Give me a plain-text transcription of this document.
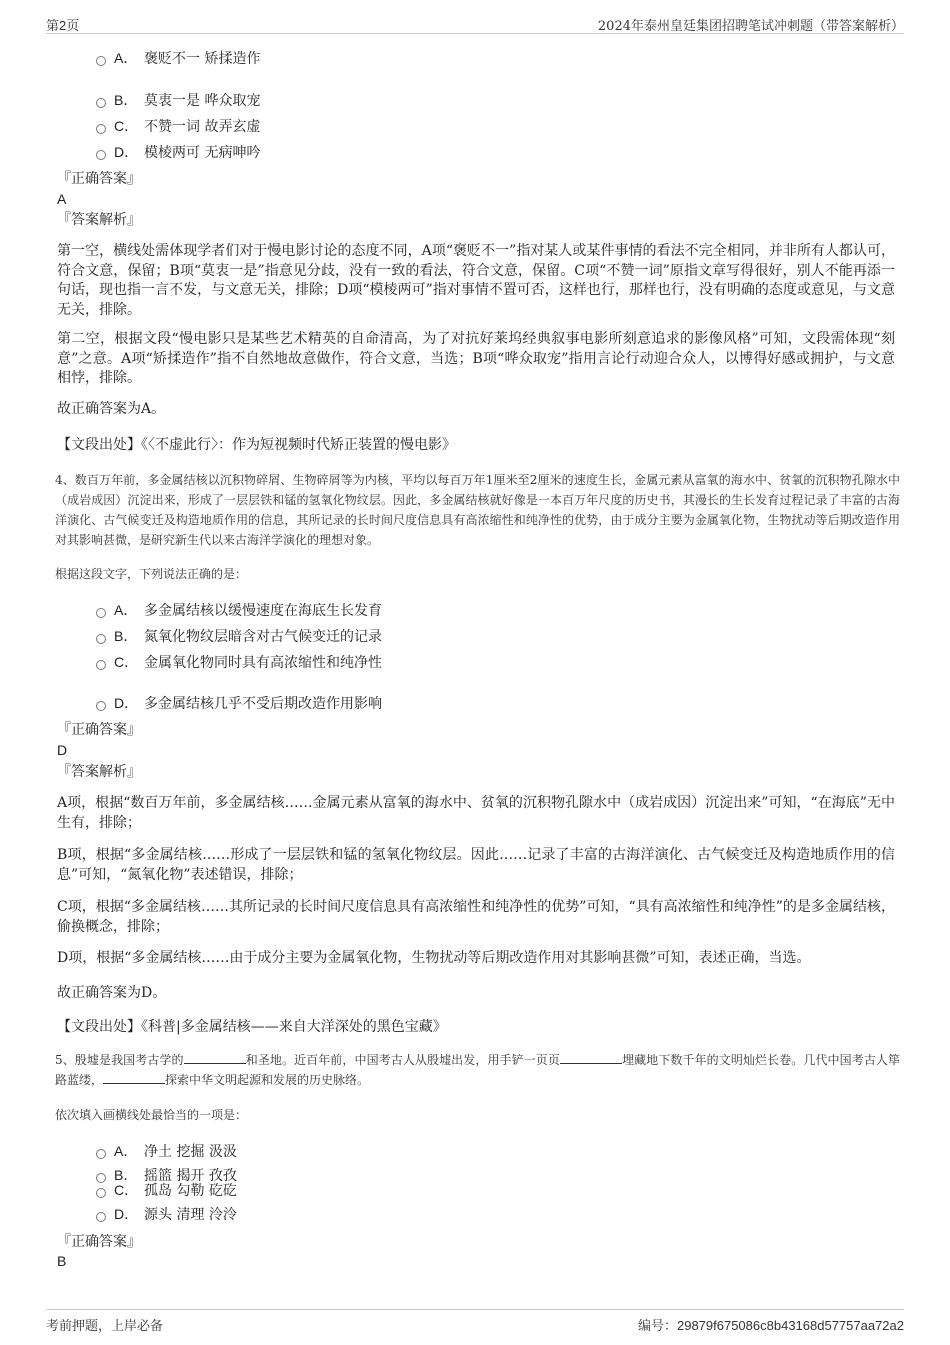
第2页	2024年泰州皇廷集团招聘笔试冲刺题（带答案解析）
A． 褒贬不一 矫揉造作
B． 莫衷一是 哗众取宠
C． 不赞一词 故弄玄虚
D． 模棱两可 无病呻吟
『正确答案』
A
『答案解析』
第一空，横线处需体现学者们对于慢电影讨论的态度不同，A项“褒贬不一”指对某人或某件事情的看法不完全相同，并非所有人都认可，符合文意，保留；B项“莫衷一是”指意见分歧，没有一致的看法，符合文意，保留。C项“不赞一词”原指文章写得很好，别人不能再添一句话，现也指一言不发，与文意无关，排除；D项“模棱两可”指对事情不置可否，这样也行，那样也行，没有明确的态度或意见，与文意无关，排除。
第二空，根据文段“慢电影只是某些艺术精英的自命清高，为了对抗好莱坞经典叙事电影所刻意追求的影像风格”可知，文段需体现“刻意”之意。A项“矫揉造作”指不自然地故意做作，符合文意，当选；B项“哗众取宠”指用言论行动迎合众人，以博得好感或拥护，与文意相悖，排除。
故正确答案为A。
【文段出处】《〈不虚此行〉：作为短视频时代矫正装置的慢电影》
4、数百万年前，多金属结核以沉积物碎屑、生物碎屑等为内核，平均以每百万年1厘米至2厘米的速度生长，金属元素从富氧的海水中、贫氧的沉积物孔隙水中（成岩成因）沉淀出来，形成了一层层铁和锰的氢氧化物纹层。因此，多金属结核就好像是一本百万年尺度的历史书，其漫长的生长发育过程记录了丰富的古海洋演化、古气候变迁及构造地质作用的信息，其所记录的长时间尺度信息具有高浓缩性和纯净性的优势，由于成分主要为金属氧化物，生物扰动等后期改造作用对其影响甚微，是研究新生代以来古海洋学演化的理想对象。
根据这段文字，下列说法正确的是：
A． 多金属结核以缓慢速度在海底生长发育
B． 氮氧化物纹层暗含对古气候变迁的记录
C． 金属氧化物同时具有高浓缩性和纯净性
D． 多金属结核几乎不受后期改造作用影响
『正确答案』
D
『答案解析』
A项，根据“数百万年前，多金属结核……金属元素从富氧的海水中、贫氧的沉积物孔隙水中（成岩成因）沉淀出来”可知，“在海底”无中生有，排除；
B项，根据“多金属结核……形成了一层层铁和锰的氢氧化物纹层。因此……记录了丰富的古海洋演化、古气候变迁及构造地质作用的信息”可知，“氮氧化物”表述错误，排除；
C项，根据“多金属结核……其所记录的长时间尺度信息具有高浓缩性和纯净性的优势”可知，“具有高浓缩性和纯净性”的是多金属结核，偷换概念，排除；
D项，根据“多金属结核……由于成分主要为金属氧化物，生物扰动等后期改造作用对其影响甚微”可知，表述正确，当选。
故正确答案为D。
【文段出处】《科普|多金属结核——来自大洋深处的黑色宝藏》
5、殷墟是我国考古学的	和圣地。近百年前，中国考古人从殷墟出发，用手铲一页页	埋藏地下数千年的文明灿烂长卷。几代中国考古人筚路蓝缕，	探索中华文明起源和发展的历史脉络。
依次填入画横线处最恰当的一项是：
A． 净土 挖掘 汲汲
B． 摇篮 揭开 孜孜
C． 孤岛 勾勒 矻矻
D． 源头 清理 泠泠
『正确答案』
B
考前押题，上岸必备	编号：29879f675086c8b43168d57757aa72a2
